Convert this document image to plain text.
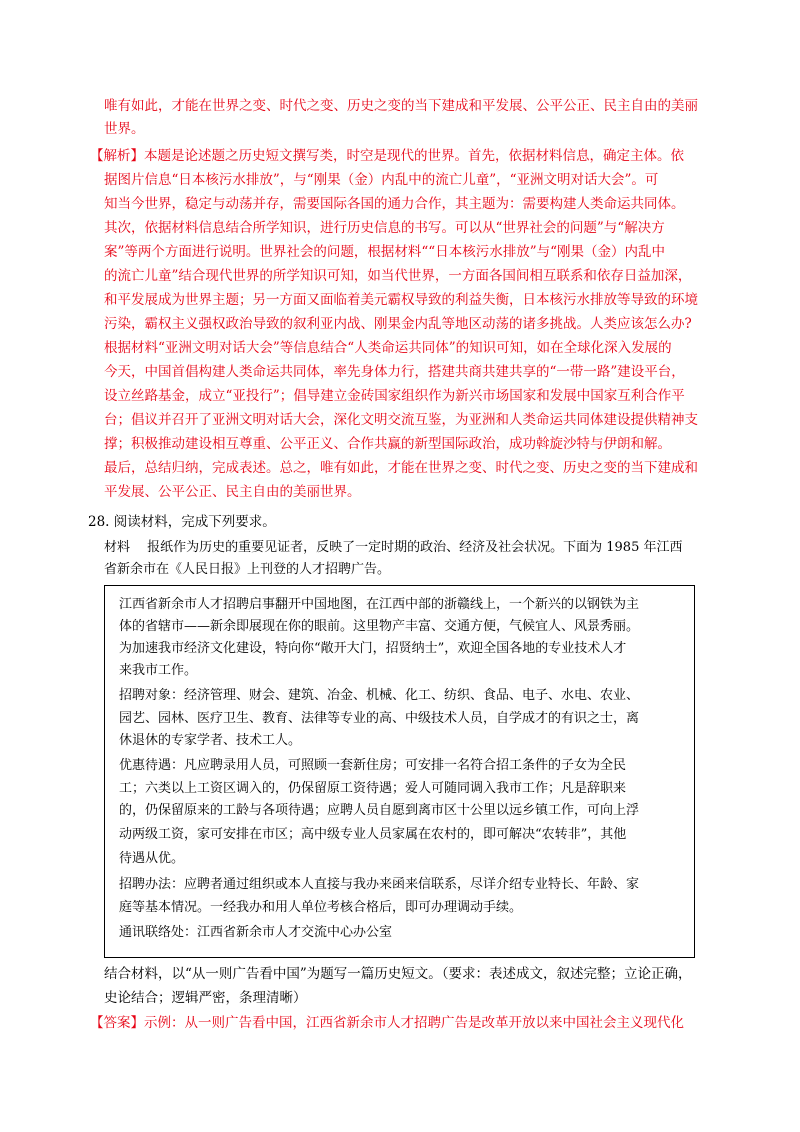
唯有如此，才能在世界之变、时代之变、历史之变的当下建成和平发展、公平公正、民主自由的美丽
世界。
【解析】本题是论述题之历史短文撰写类，时空是现代的世界。首先，依据材料信息，确定主体。依
据图片信息“日本核污水排放”，与“刚果（金）内乱中的流亡儿童”，“亚洲文明对话大会”。可
知当今世界，稳定与动荡并存，需要国际各国的通力合作，其主题为：需要构建人类命运共同体。
其次，依据材料信息结合所学知识，进行历史信息的书写。可以从“世界社会的问题”与“解决方
案”等两个方面进行说明。世界社会的问题，根据材料““日本核污水排放”与“刚果（金）内乱中
的流亡儿童”结合现代世界的所学知识可知，如当代世界，一方面各国间相互联系和依存日益加深，
和平发展成为世界主题；另一方面又面临着美元霸权导致的利益失衡，日本核污水排放等导致的环境
污染，霸权主义强权政治导致的叙利亚内战、刚果金内乱等地区动荡的诸多挑战。人类应该怎么办?
根据材料“亚洲文明对话大会”等信息结合“人类命运共同体”的知识可知，如在全球化深入发展的
今天，中国首倡构建人类命运共同体，率先身体力行，搭建共商共建共享的“一带一路”建设平台，
设立丝路基金，成立“亚投行”；倡导建立金砖国家组织作为新兴市场国家和发展中国家互利合作平
台；倡议并召开了亚洲文明对话大会，深化文明交流互鉴，为亚洲和人类命运共同体建设提供精神支
撑；积极推动建设相互尊重、公平正义、合作共赢的新型国际政治，成功斡旋沙特与伊朗和解。
最后，总结归纳，完成表述。总之，唯有如此，才能在世界之变、时代之变、历史之变的当下建成和
平发展、公平公正、民主自由的美丽世界。
28. 阅读材料，完成下列要求。
材料　 报纸作为历史的重要见证者，反映了一定时期的政治、经济及社会状况。下面为 1985 年江西
省新余市在《人民日报》上刊登的人才招聘广告。
江西省新余市人才招聘启事翻开中国地图，在江西中部的浙赣线上，一个新兴的以钢铁为主
体的省辖市——新余即展现在你的眼前。这里物产丰富、交通方便，气候宜人、风景秀丽。
为加速我市经济文化建设，特向你“敞开大门，招贤纳士”，欢迎全国各地的专业技术人才
来我市工作。
招聘对象：经济管理、财会、建筑、冶金、机械、化工、纺织、食品、电子、水电、农业、
园艺、园林、医疗卫生、教育、法律等专业的高、中级技术人员，自学成才的有识之士，离
休退休的专家学者、技术工人。
优惠待遇：凡应聘录用人员，可照顾一套新住房；可安排一名符合招工条件的子女为全民
工；六类以上工资区调入的，仍保留原工资待遇；爱人可随同调入我市工作；凡是辞职来
的，仍保留原来的工龄与各项待遇；应聘人员自愿到离市区十公里以远乡镇工作，可向上浮
动两级工资，家可安排在市区；高中级专业人员家属在农村的，即可解决“农转非”，其他
待遇从优。
招聘办法：应聘者通过组织或本人直接与我办来函来信联系，尽详介绍专业特长、年龄、家
庭等基本情况。一经我办和用人单位考核合格后，即可办理调动手续。
通讯联络处：江西省新余市人才交流中心办公室
结合材料，以“从一则广告看中国”为题写一篇历史短文。（要求：表述成文，叙述完整；立论正确，
史论结合；逻辑严密，条理清晰）
【答案】示例：从一则广告看中国，江西省新余市人才招聘广告是改革开放以来中国社会主义现代化
